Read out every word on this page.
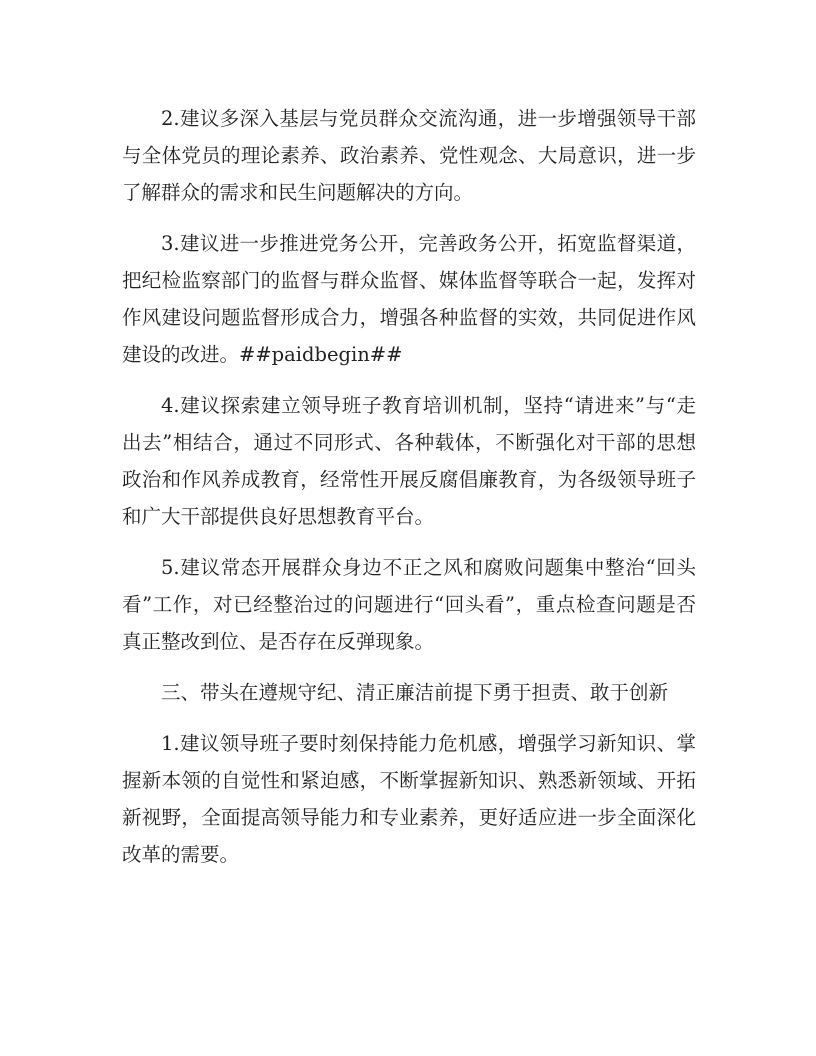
2.建议多深入基层与党员群众交流沟通，进一步增强领导干部与全体党员的理论素养、政治素养、党性观念、大局意识，进一步了解群众的需求和民生问题解决的方向。

3.建议进一步推进党务公开，完善政务公开，拓宽监督渠道，把纪检监察部门的监督与群众监督、媒体监督等联合一起，发挥对作风建设问题监督形成合力，增强各种监督的实效，共同促进作风建设的改进。##paidbegin##

4.建议探索建立领导班子教育培训机制，坚持“请进来”与“走出去”相结合，通过不同形式、各种载体，不断强化对干部的思想政治和作风养成教育，经常性开展反腐倡廉教育，为各级领导班子和广大干部提供良好思想教育平台。

5.建议常态开展群众身边不正之风和腐败问题集中整治“回头看”工作，对已经整治过的问题进行“回头看”，重点检查问题是否真正整改到位、是否存在反弹现象。

三、带头在遵规守纪、清正廉洁前提下勇于担责、敢于创新

1.建议领导班子要时刻保持能力危机感，增强学习新知识、掌握新本领的自觉性和紧迫感，不断掌握新知识、熟悉新领域、开拓新视野，全面提高领导能力和专业素养，更好适应进一步全面深化改革的需要。
